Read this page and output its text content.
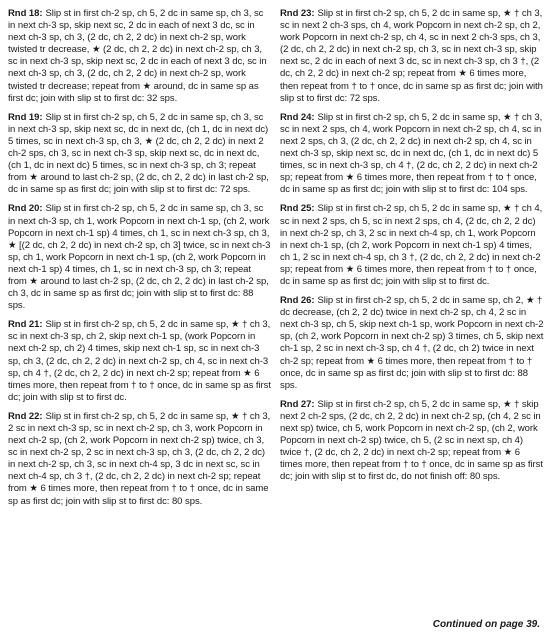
Rnd 18: Slip st in first ch-2 sp, ch 5, 2 dc in same sp, ch 3, sc in next ch-3 sp, skip next sc, 2 dc in each of next 3 dc, sc in next ch-3 sp, ch 3, (2 dc, ch 2, 2 dc) in next ch-2 sp, work twisted tr decrease, ★ (2 dc, ch 2, 2 dc) in next ch-2 sp, ch 3, sc in next ch-3 sp, skip next sc, 2 dc in each of next 3 dc, sc in next ch-3 sp, ch 3, (2 dc, ch 2, 2 dc) in next ch-2 sp, work twisted tr decrease; repeat from ★ around, dc in same sp as first dc; join with slip st to first dc: 32 sps.

Rnd 19: Slip st in first ch-2 sp, ch 5, 2 dc in same sp, ch 3, sc in next ch-3 sp, skip next sc, dc in next dc, (ch 1, dc in next dc) 5 times, sc in next ch-3 sp, ch 3, ★ (2 dc, ch 2, 2 dc) in next 2 ch-2 sps, ch 3, sc in next ch-3 sp, skip next sc, dc in next dc, (ch 1, dc in next dc) 5 times, sc in next ch-3 sp, ch 3; repeat from ★ around to last ch-2 sp, (2 dc, ch 2, 2 dc) in last ch-2 sp, dc in same sp as first dc; join with slip st to first dc: 72 sps.

Rnd 20: Slip st in first ch-2 sp, ch 5, 2 dc in same sp, ch 3, sc in next ch-3 sp, ch 1, work Popcorn in next ch-1 sp, (ch 2, work Popcorn in next ch-1 sp) 4 times, ch 1, sc in next ch-3 sp, ch 3, ★ [(2 dc, ch 2, 2 dc) in next ch-2 sp, ch 3] twice, sc in next ch-3 sp, ch 1, work Popcorn in next ch-1 sp, (ch 2, work Popcorn in next ch-1 sp) 4 times, ch 1, sc in next ch-3 sp, ch 3; repeat from ★ around to last ch-2 sp, (2 dc, ch 2, 2 dc) in last ch-2 sp, ch 3, dc in same sp as first dc; join with slip st to first dc: 88 sps.

Rnd 21: Slip st in first ch-2 sp, ch 5, 2 dc in same sp, ★ † ch 3, sc in next ch-3 sp, ch 2, skip next ch-1 sp, (work Popcorn in next ch-2 sp, ch 2) 4 times, skip next ch-1 sp, sc in next ch-3 sp, ch 3, (2 dc, ch 2, 2 dc) in next ch-2 sp, ch 4, sc in next ch-3 sp, ch 4 †, (2 dc, ch 2, 2 dc) in next ch-2 sp; repeat from ★ 6 times more, then repeat from † to † once, dc in same sp as first dc; join with slip st to first dc.

Rnd 22: Slip st in first ch-2 sp, ch 5, 2 dc in same sp, ★ † ch 3, 2 sc in next ch-3 sp, sc in next ch-2 sp, ch 3, work Popcorn in next ch-2 sp, (ch 2, work Popcorn in next ch-2 sp) twice, ch 3, sc in next ch-2 sp, 2 sc in next ch-3 sp, ch 3, (2 dc, ch 2, 2 dc) in next ch-2 sp, ch 3, sc in next ch-4 sp, 3 dc in next sc, sc in next ch-4 sp, ch 3 †, (2 dc, ch 2, 2 dc) in next ch-2 sp; repeat from ★ 6 times more, then repeat from † to † once, dc in same sp as first dc; join with slip st to first dc: 80 sps.

Rnd 23: Slip st in first ch-2 sp, ch 5, 2 dc in same sp, ★ † ch 3, sc in next 2 ch-3 sps, ch 4, work Popcorn in next ch-2 sp, ch 2, work Popcorn in next ch-2 sp, ch 4, sc in next 2 ch-3 sps, ch 3, (2 dc, ch 2, 2 dc) in next ch-2 sp, ch 3, sc in next ch-3 sp, skip next sc, 2 dc in each of next 3 dc, sc in next ch-3 sp, ch 3 †, (2 dc, ch 2, 2 dc) in next ch-2 sp; repeat from ★ 6 times more, then repeat from † to † once, dc in same sp as first dc; join with slip st to first dc: 72 sps.

Rnd 24: Slip st in first ch-2 sp, ch 5, 2 dc in same sp, ★ † ch 3, sc in next 2 sps, ch 4, work Popcorn in next ch-2 sp, ch 4, sc in next 2 sps, ch 3, (2 dc, ch 2, 2 dc) in next ch-2 sp, ch 4, sc in next ch-3 sp, skip next sc, dc in next dc, (ch 1, dc in next dc) 5 times, sc in next ch-3 sp, ch 4 †, (2 dc, ch 2, 2 dc) in next ch-2 sp; repeat from ★ 6 times more, then repeat from † to † once, dc in same sp as first dc; join with slip st to first dc: 104 sps.

Rnd 25: Slip st in first ch-2 sp, ch 5, 2 dc in same sp, ★ † ch 4, sc in next 2 sps, ch 5, sc in next 2 sps, ch 4, (2 dc, ch 2, 2 dc) in next ch-2 sp, ch 3, 2 sc in next ch-4 sp, ch 1, work Popcorn in next ch-1 sp, (ch 2, work Popcorn in next ch-1 sp) 4 times, ch 1, 2 sc in next ch-4 sp, ch 3 †, (2 dc, ch 2, 2 dc) in next ch-2 sp; repeat from ★ 6 times more, then repeat from † to † once, dc in same sp as first dc; join with slip st to first dc.

Rnd 26: Slip st in first ch-2 sp, ch 5, 2 dc in same sp, ch 2, ★ † dc decrease, (ch 2, 2 dc) twice in next ch-2 sp, ch 4, 2 sc in next ch-3 sp, ch 5, skip next ch-1 sp, work Popcorn in next ch-2 sp, (ch 2, work Popcorn in next ch-2 sp) 3 times, ch 5, skip next ch-1 sp, 2 sc in next ch-3 sp, ch 4 †, (2 dc, ch 2) twice in next ch-2 sp; repeat from ★ 6 times more, then repeat from † to † once, dc in same sp as first dc; join with slip st to first dc: 88 sps.

Rnd 27: Slip st in first ch-2 sp, ch 5, 2 dc in same sp, ★ † skip next 2 ch-2 sps, (2 dc, ch 2, 2 dc) in next ch-2 sp, (ch 4, 2 sc in next sp) twice, ch 5, work Popcorn in next ch-2 sp, (ch 2, work Popcorn in next ch-2 sp) twice, ch 5, (2 sc in next sp, ch 4) twice †, (2 dc, ch 2, 2 dc) in next ch-2 sp; repeat from ★ 6 times more, then repeat from † to † once, dc in same sp as first dc; join with slip st to first dc, do not finish off: 80 sps.

Continued on page 39.
